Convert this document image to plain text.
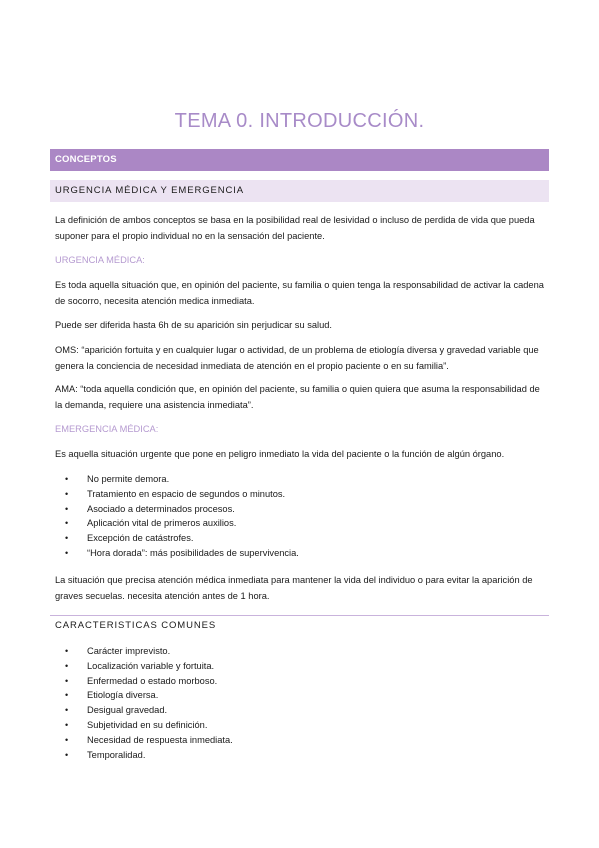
TEMA 0. INTRODUCCIÓN.
CONCEPTOS
URGENCIA MÉDICA Y EMERGENCIA

La definición de ambos conceptos se basa en la posibilidad real de lesividad o incluso de perdida de vida que pueda suponer para el propio individual no en la sensación del paciente.

URGENCIA MÉDICA:

Es toda aquella situación que, en opinión del paciente, su familia o quien tenga la responsabilidad de activar la cadena de socorro, necesita atención medica inmediata.

Puede ser diferida hasta 6h de su aparición sin perjudicar su salud.

OMS: “aparición fortuita y en cualquier lugar o actividad, de un problema de etiología diversa y gravedad variable que genera la conciencia de necesidad inmediata de atención en el propio paciente o en su familia”.

AMA: “toda aquella condición que, en opinión del paciente, su familia o quien quiera que asuma la responsabilidad de la demanda, requiere una asistencia inmediata”.

EMERGENCIA MÉDICA:

Es aquella situación urgente que pone en peligro inmediato la vida del paciente o la función de algún órgano.

• No permite demora.
• Tratamiento en espacio de segundos o minutos.
• Asociado a determinados procesos.
• Aplicación vital de primeros auxilios.
• Excepción de catástrofes.
• “Hora dorada”: más posibilidades de supervivencia.

La situación que precisa atención médica inmediata para mantener la vida del individuo o para evitar la aparición de graves secuelas. necesita atención antes de 1 hora.

CARACTERISTICAS COMUNES
• Carácter imprevisto.
• Localización variable y fortuita.
• Enfermedad o estado morboso.
• Etiología diversa.
• Desigual gravedad.
• Subjetividad en su definición.
• Necesidad de respuesta inmediata.
• Temporalidad.
